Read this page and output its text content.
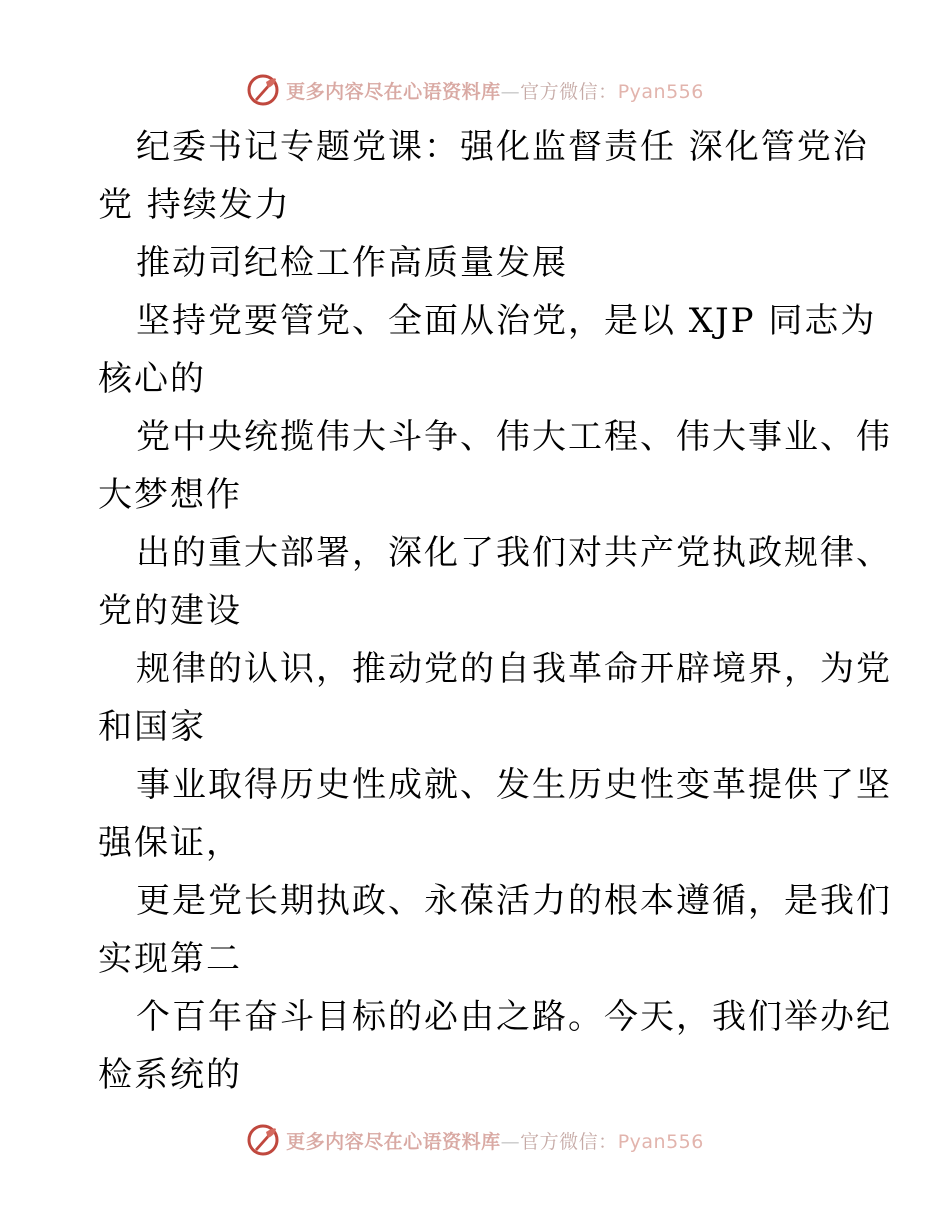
更多内容尽在心语资料库—官方微信：Pyan556

纪委书记专题党课：强化监督责任 深化管党治
党 持续发力

推动司纪检工作高质量发展

坚持党要管党、全面从治党，是以 XJP 同志为
核心的

党中央统揽伟大斗争、伟大工程、伟大事业、伟
大梦想作

出的重大部署，深化了我们对共产党执政规律、
党的建设

规律的认识，推动党的自我革命开辟境界，为党
和国家

事业取得历史性成就、发生历史性变革提供了坚
强保证，

更是党长期执政、永葆活力的根本遵循，是我们
实现第二

个百年奋斗目标的必由之路。今天，我们举办纪
检系统的

更多内容尽在心语资料库—官方微信：Pyan556
